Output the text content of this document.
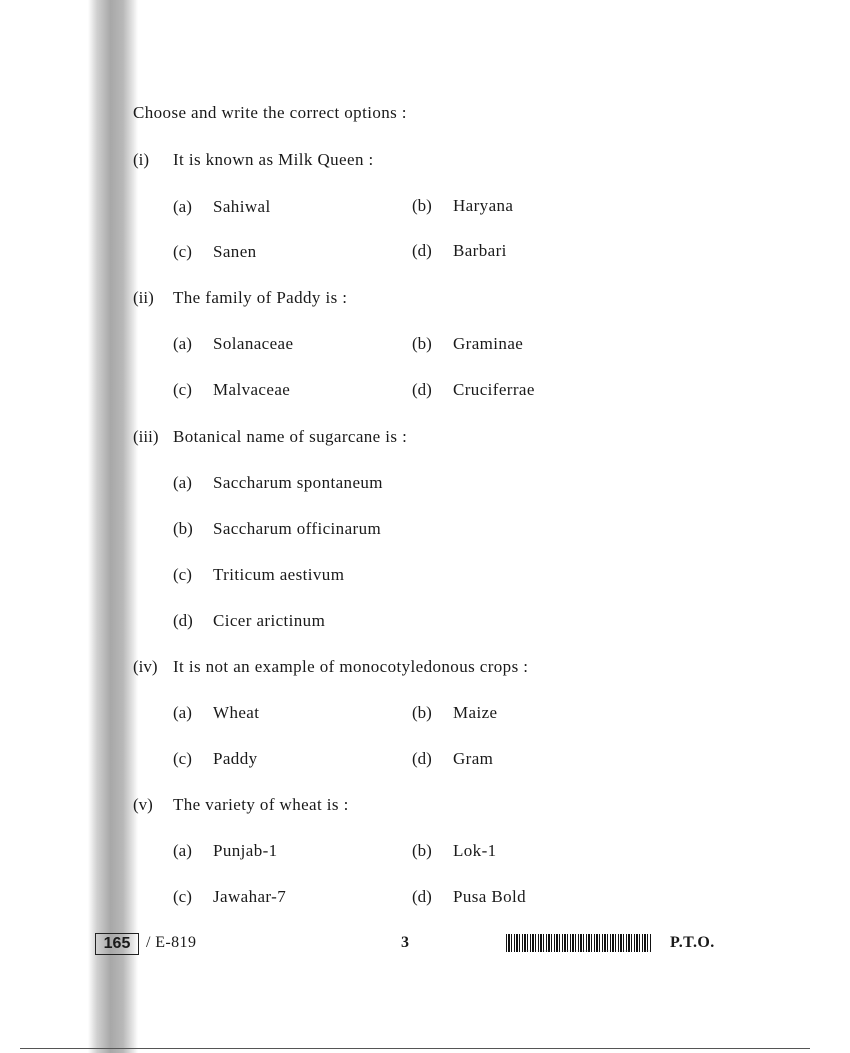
Choose and write the correct options :
(i) It is known as Milk Queen :
(a) Sahiwal	(b) Haryana
(c) Sanen	(d) Barbari
(ii) The family of Paddy is :
(a) Solanaceae	(b) Graminae
(c) Malvaceae	(d) Cruciferrae
(iii) Botanical name of sugarcane is :
(a) Saccharum spontaneum
(b) Saccharum officinarum
(c) Triticum aestivum
(d) Cicer arictinum
(iv) It is not an example of monocotyledonous crops :
(a) Wheat	(b) Maize
(c) Paddy	(d) Gram
(v) The variety of wheat is :
(a) Punjab-1	(b) Lok-1
(c) Jawahar-7	(d) Pusa Bold
165 / E-819	3	P.T.O.
